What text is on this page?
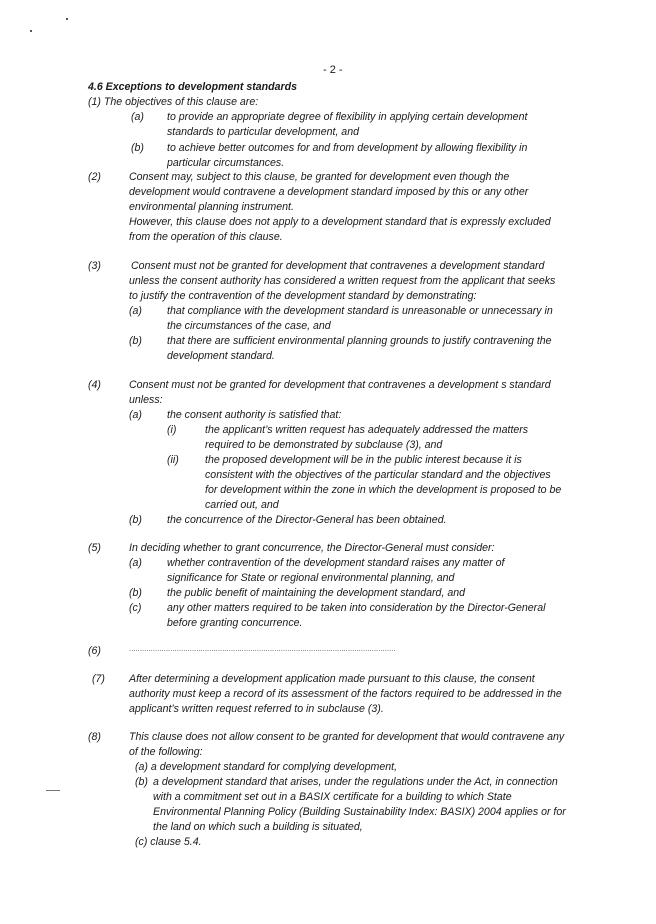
- 2 -
4.6 Exceptions to development standards
(1) The objectives of this clause are:
(a) to provide an appropriate degree of flexibility in applying certain development
standards to particular development, and
(b) to achieve better outcomes for and from development by allowing flexibility in
particular circumstances.
(2)	Consent may, subject to this clause, be granted for development even though the
development would contravene a development standard imposed by this or any other
environmental planning instrument.
However, this clause does not apply to a development standard that is expressly excluded
from the operation of this clause.
(3)	Consent must not be granted for development that contravenes a development standard
unless the consent authority has considered a written request from the applicant that seeks
to justify the contravention of the development standard by demonstrating:
(a) that compliance with the development standard is unreasonable or unnecessary in
the circumstances of the case, and
(b) that there are sufficient environmental planning grounds to justify contravening the
development standard.
(4)	Consent must not be granted for development that contravenes a development s standard
unless:
(a) the consent authority is satisfied that:
(i)	the applicant’s written request has adequately addressed the matters
required to be demonstrated by subclause (3), and
(ii) the proposed development will be in the public interest because it is
consistent with the objectives of the particular standard and the objectives
for development within the zone in which the development is proposed to be
carried out, and
(b) the concurrence of the Director-General has been obtained.
(5)	In deciding whether to grant concurrence, the Director-General must consider:
(a) whether contravention of the development standard raises any matter of
significance for State or regional environmental planning, and
(b) the public benefit of maintaining the development standard, and
(c) any other matters required to be taken into consideration by the Director-General
before granting concurrence.
(6)	……………………………………………………………………………………………………………
(7) After determining a development application made pursuant to this clause, the consent
authority must keep a record of its assessment of the factors required to be addressed in the
applicant’s written request referred to in subclause (3).
(8)	This clause does not allow consent to be granted for development that would contravene any
of the following:
(a) a development standard for complying development,
(b) a development standard that arises, under the regulations under the Act, in connection
with a commitment set out in a BASIX certificate for a building to which State
Environmental Planning Policy (Building Sustainability Index: BASIX) 2004 applies or for
the land on which such a building is situated,
(c) clause 5.4.
